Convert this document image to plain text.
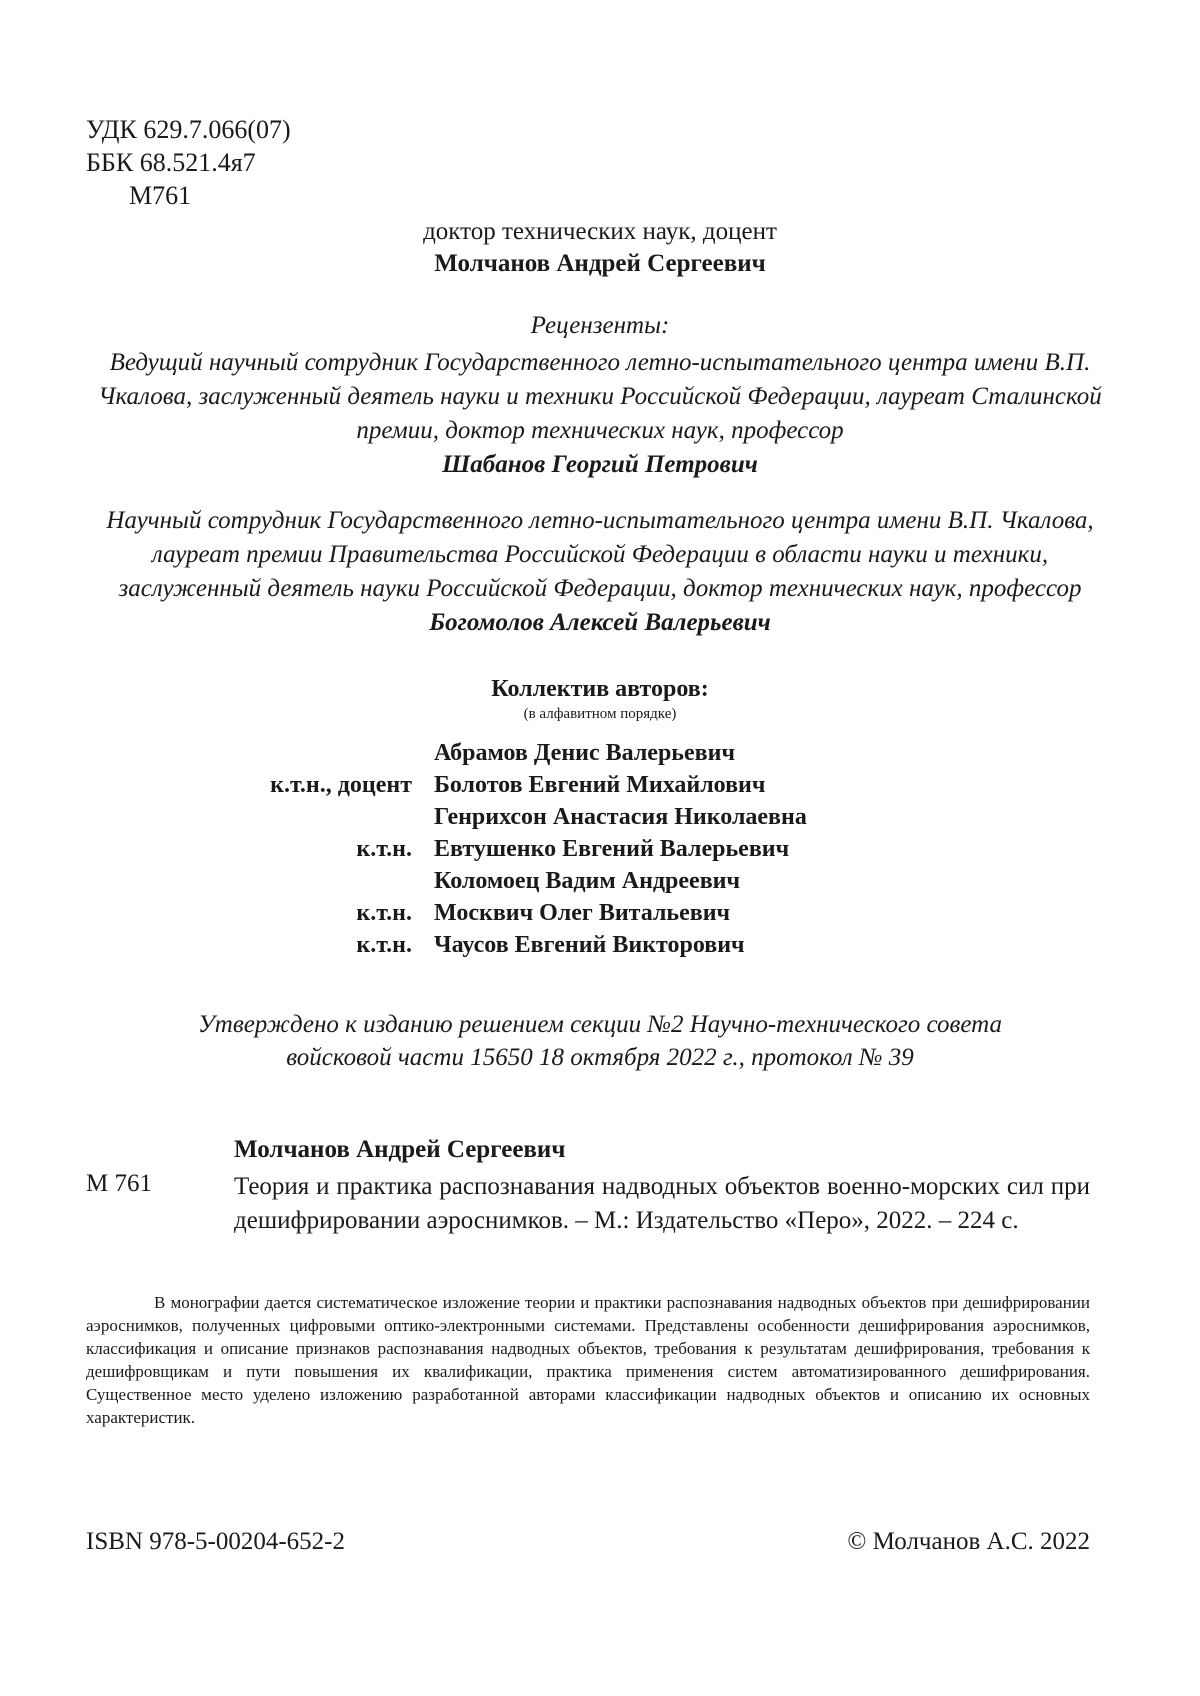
УДК 629.7.066(07)
ББК 68.521.4я7
М761
доктор технических наук, доцент
Молчанов Андрей Сергеевич
Рецензенты:
Ведущий научный сотрудник Государственного летно-испытательного центра имени В.П. Чкалова, заслуженный деятель науки и техники Российской Федерации, лауреат Сталинской премии, доктор технических наук, профессор
Шабанов Георгий Петрович
Научный сотрудник Государственного летно-испытательного центра имени В.П. Чкалова, лауреат премии Правительства Российской Федерации в области науки и техники, заслуженный деятель науки Российской Федерации, доктор технических наук, профессор Богомолов Алексей Валерьевич
Коллектив авторов:
(в алфавитном порядке)
Абрамов Денис Валерьевич
к.т.н., доцент Болотов Евгений Михайлович
Генрихсон Анастасия Николаевна
к.т.н. Евтушенко Евгений Валерьевич
Коломоец Вадим Андреевич
к.т.н. Москвич Олег Витальевич
к.т.н. Чаусов Евгений Викторович
Утверждено к изданию решением секции №2 Научно-технического совета
войсковой части 15650 18 октября 2022 г., протокол № 39
Молчанов Андрей Сергеевич
М 761	Теория и практика распознавания надводных объектов военно-морских сил при дешифрировании аэроснимков. – М.: Издательство «Перо», 2022. – 224 с.
В монографии дается систематическое изложение теории и практики распознавания надводных объектов при дешифрировании аэроснимков, полученных цифровыми оптико-электронными системами. Представлены особенности дешифрирования аэроснимков, классификация и описание признаков распознавания надводных объектов, требования к результатам дешифрирования, требования к дешифровщикам и пути повышения их квалификации, практика применения систем автоматизированного дешифрирования. Существенное место уделено изложению разработанной авторами классификации надводных объектов и описанию их основных характеристик.
ISBN 978-5-00204-652-2	© Молчанов А.С. 2022
